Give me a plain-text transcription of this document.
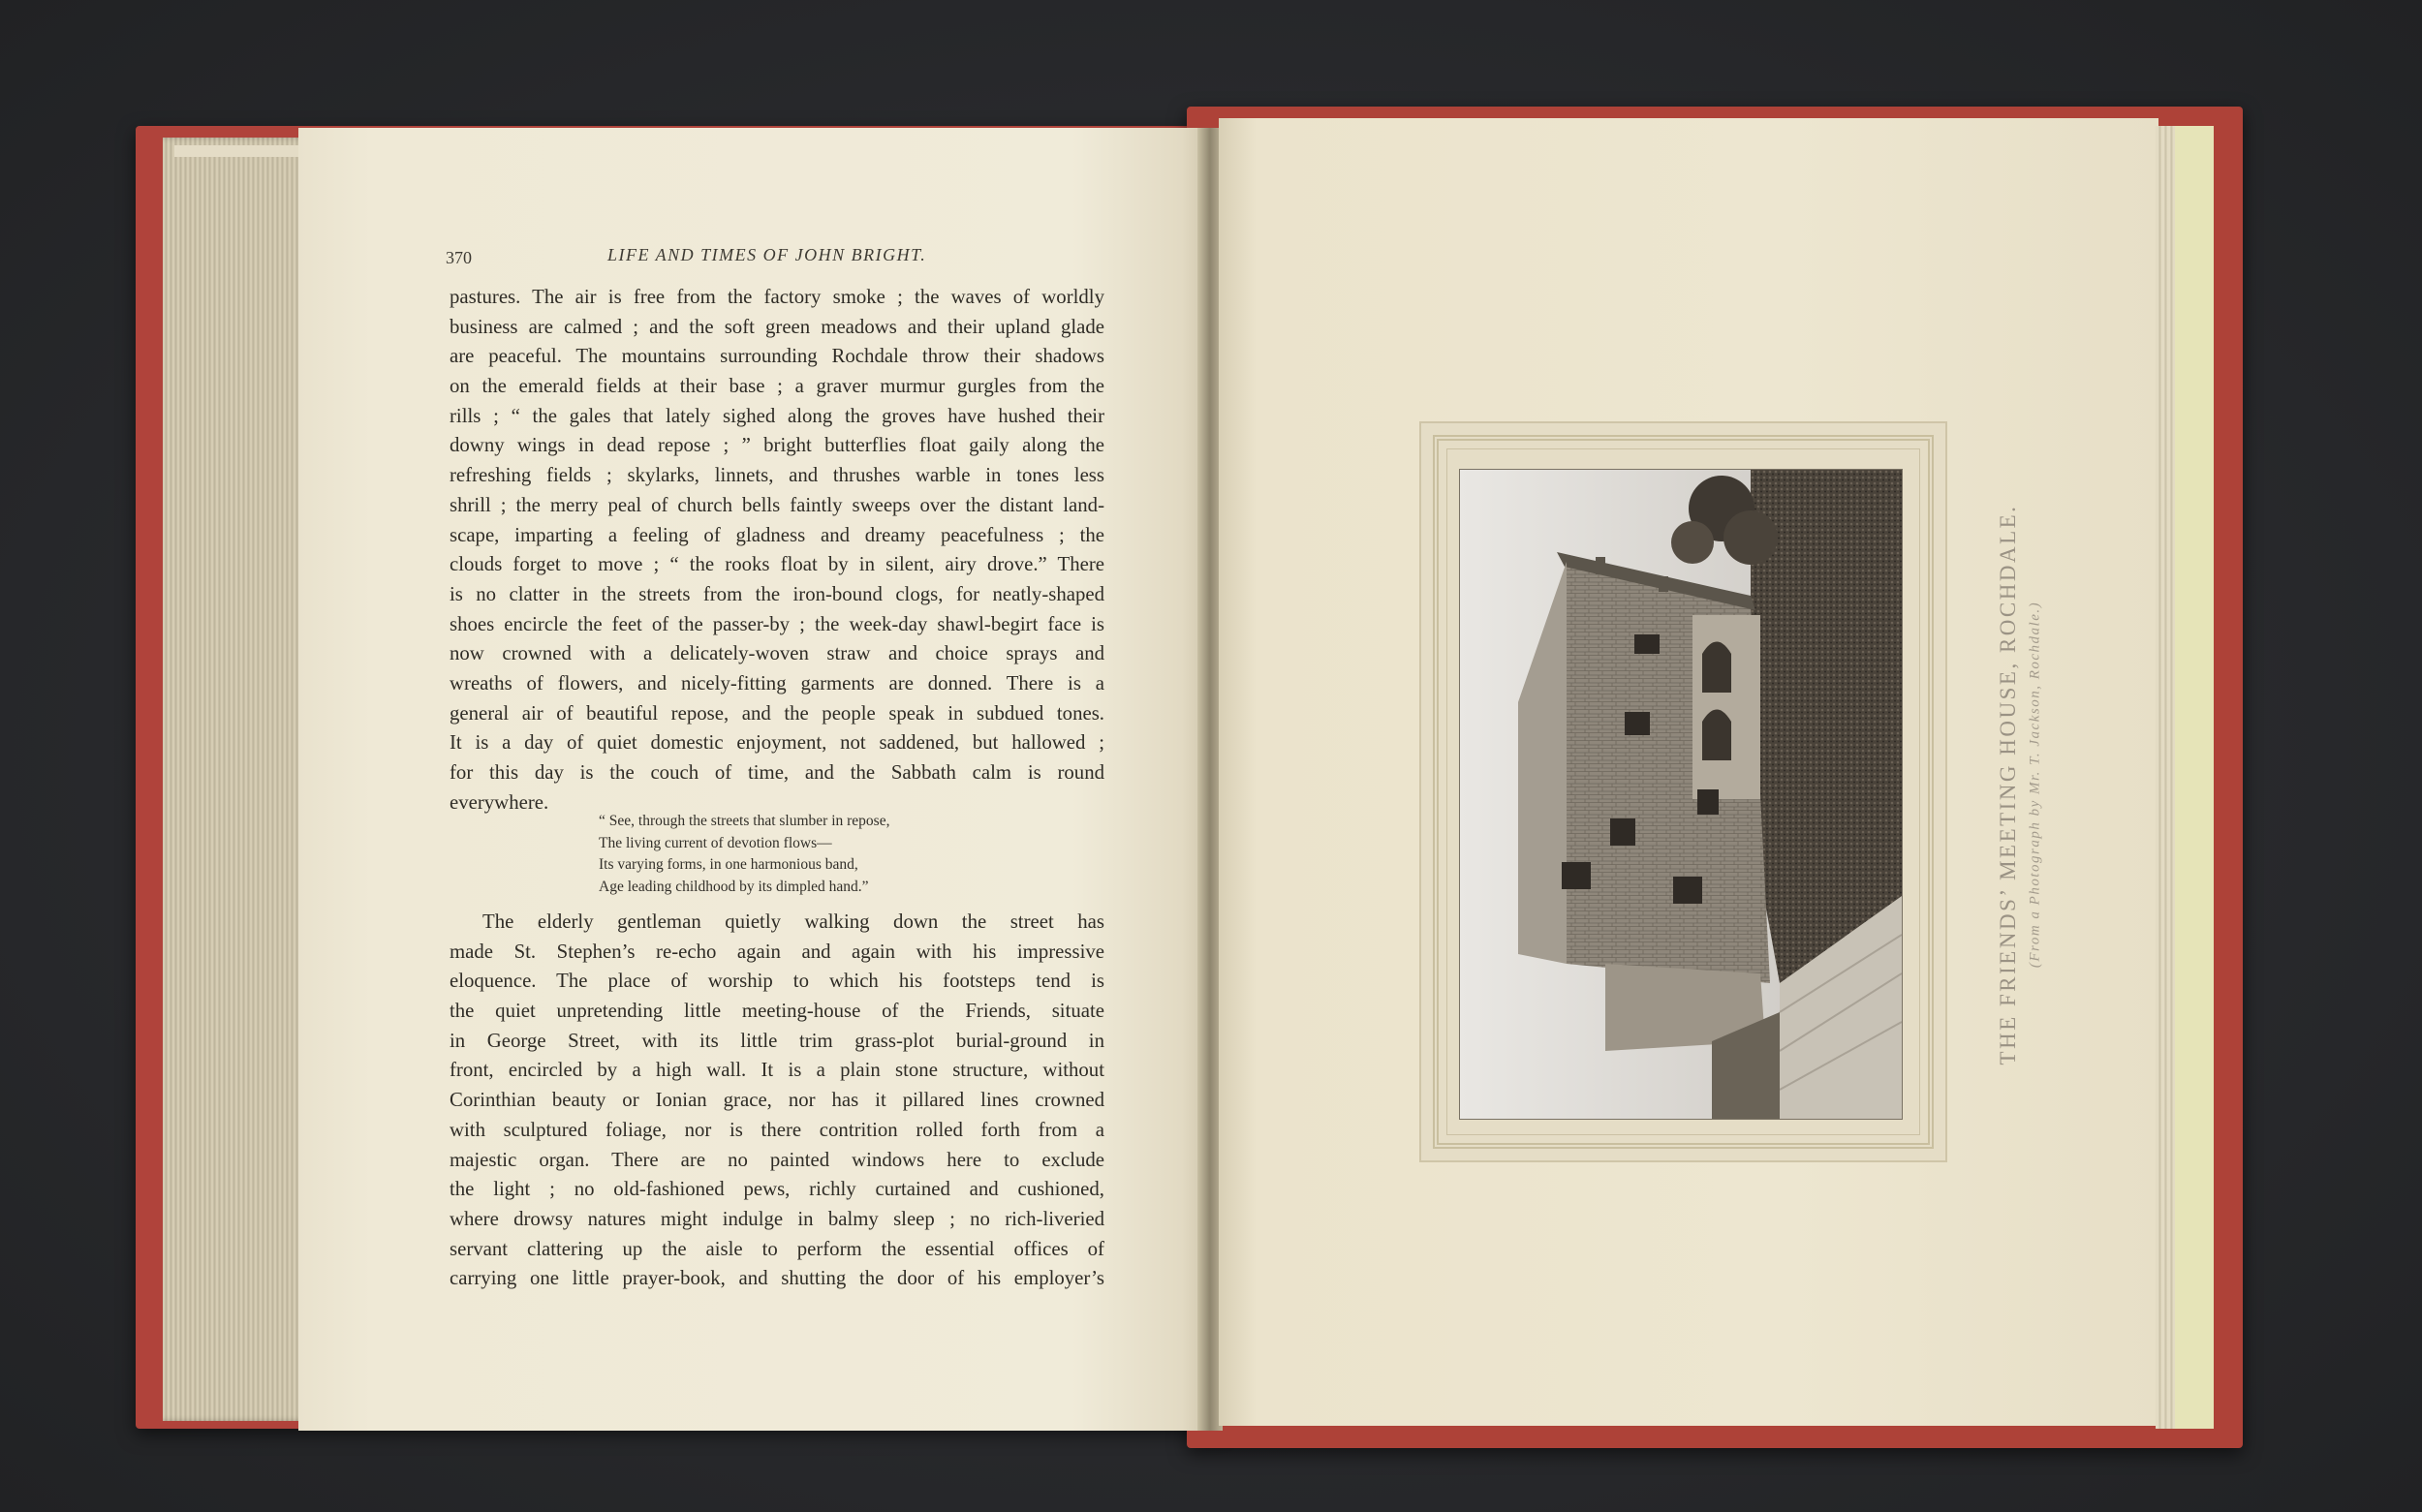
370	LIFE AND TIMES OF JOHN BRIGHT.
pastures. The air is free from the factory smoke ; the waves of worldly
business are calmed ; and the soft green meadows and their upland glade
are peaceful. The mountains surrounding Rochdale throw their shadows
on the emerald fields at their base ; a graver murmur gurgles from the
rills ; “ the gales that lately sighed along the groves have hushed their
downy wings in dead repose ; ” bright butterflies float gaily along the
refreshing fields ; skylarks, linnets, and thrushes warble in tones less
shrill ; the merry peal of church bells faintly sweeps over the distant land-
scape, imparting a feeling of gladness and dreamy peacefulness ; the
clouds forget to move ; “ the rooks float by in silent, airy drove.” There
is no clatter in the streets from the iron-bound clogs, for neatly-shaped
shoes encircle the feet of the passer-by ; the week-day shawl-begirt face is
now crowned with a delicately-woven straw and choice sprays and
wreaths of flowers, and nicely-fitting garments are donned. There is a
general air of beautiful repose, and the people speak in subdued tones.
It is a day of quiet domestic enjoyment, not saddened, but hallowed ;
for this day is the couch of time, and the Sabbath calm is round
everywhere.
“ See, through the streets that slumber in repose,
The living current of devotion flows—
Its varying forms, in one harmonious band,
Age leading childhood by its dimpled hand.”
The elderly gentleman quietly walking down the street has
made St. Stephen’s re-echo again and again with his impressive
eloquence. The place of worship to which his footsteps tend is
the quiet unpretending little meeting-house of the Friends, situate
in George Street, with its little trim grass-plot burial-ground in
front, encircled by a high wall. It is a plain stone structure, without
Corinthian beauty or Ionian grace, nor has it pillared lines crowned
with sculptured foliage, nor is there contrition rolled forth from a
majestic organ. There are no painted windows here to exclude
the light ; no old-fashioned pews, richly curtained and cushioned,
where drowsy natures might indulge in balmy sleep ; no rich-liveried
servant clattering up the aisle to perform the essential offices of
carrying one little prayer-book, and shutting the door of his employer’s
THE FRIENDS’ MEETING HOUSE, ROCHDALE. (From a Photograph by Mr. T. Jackson, Rochdale.)
